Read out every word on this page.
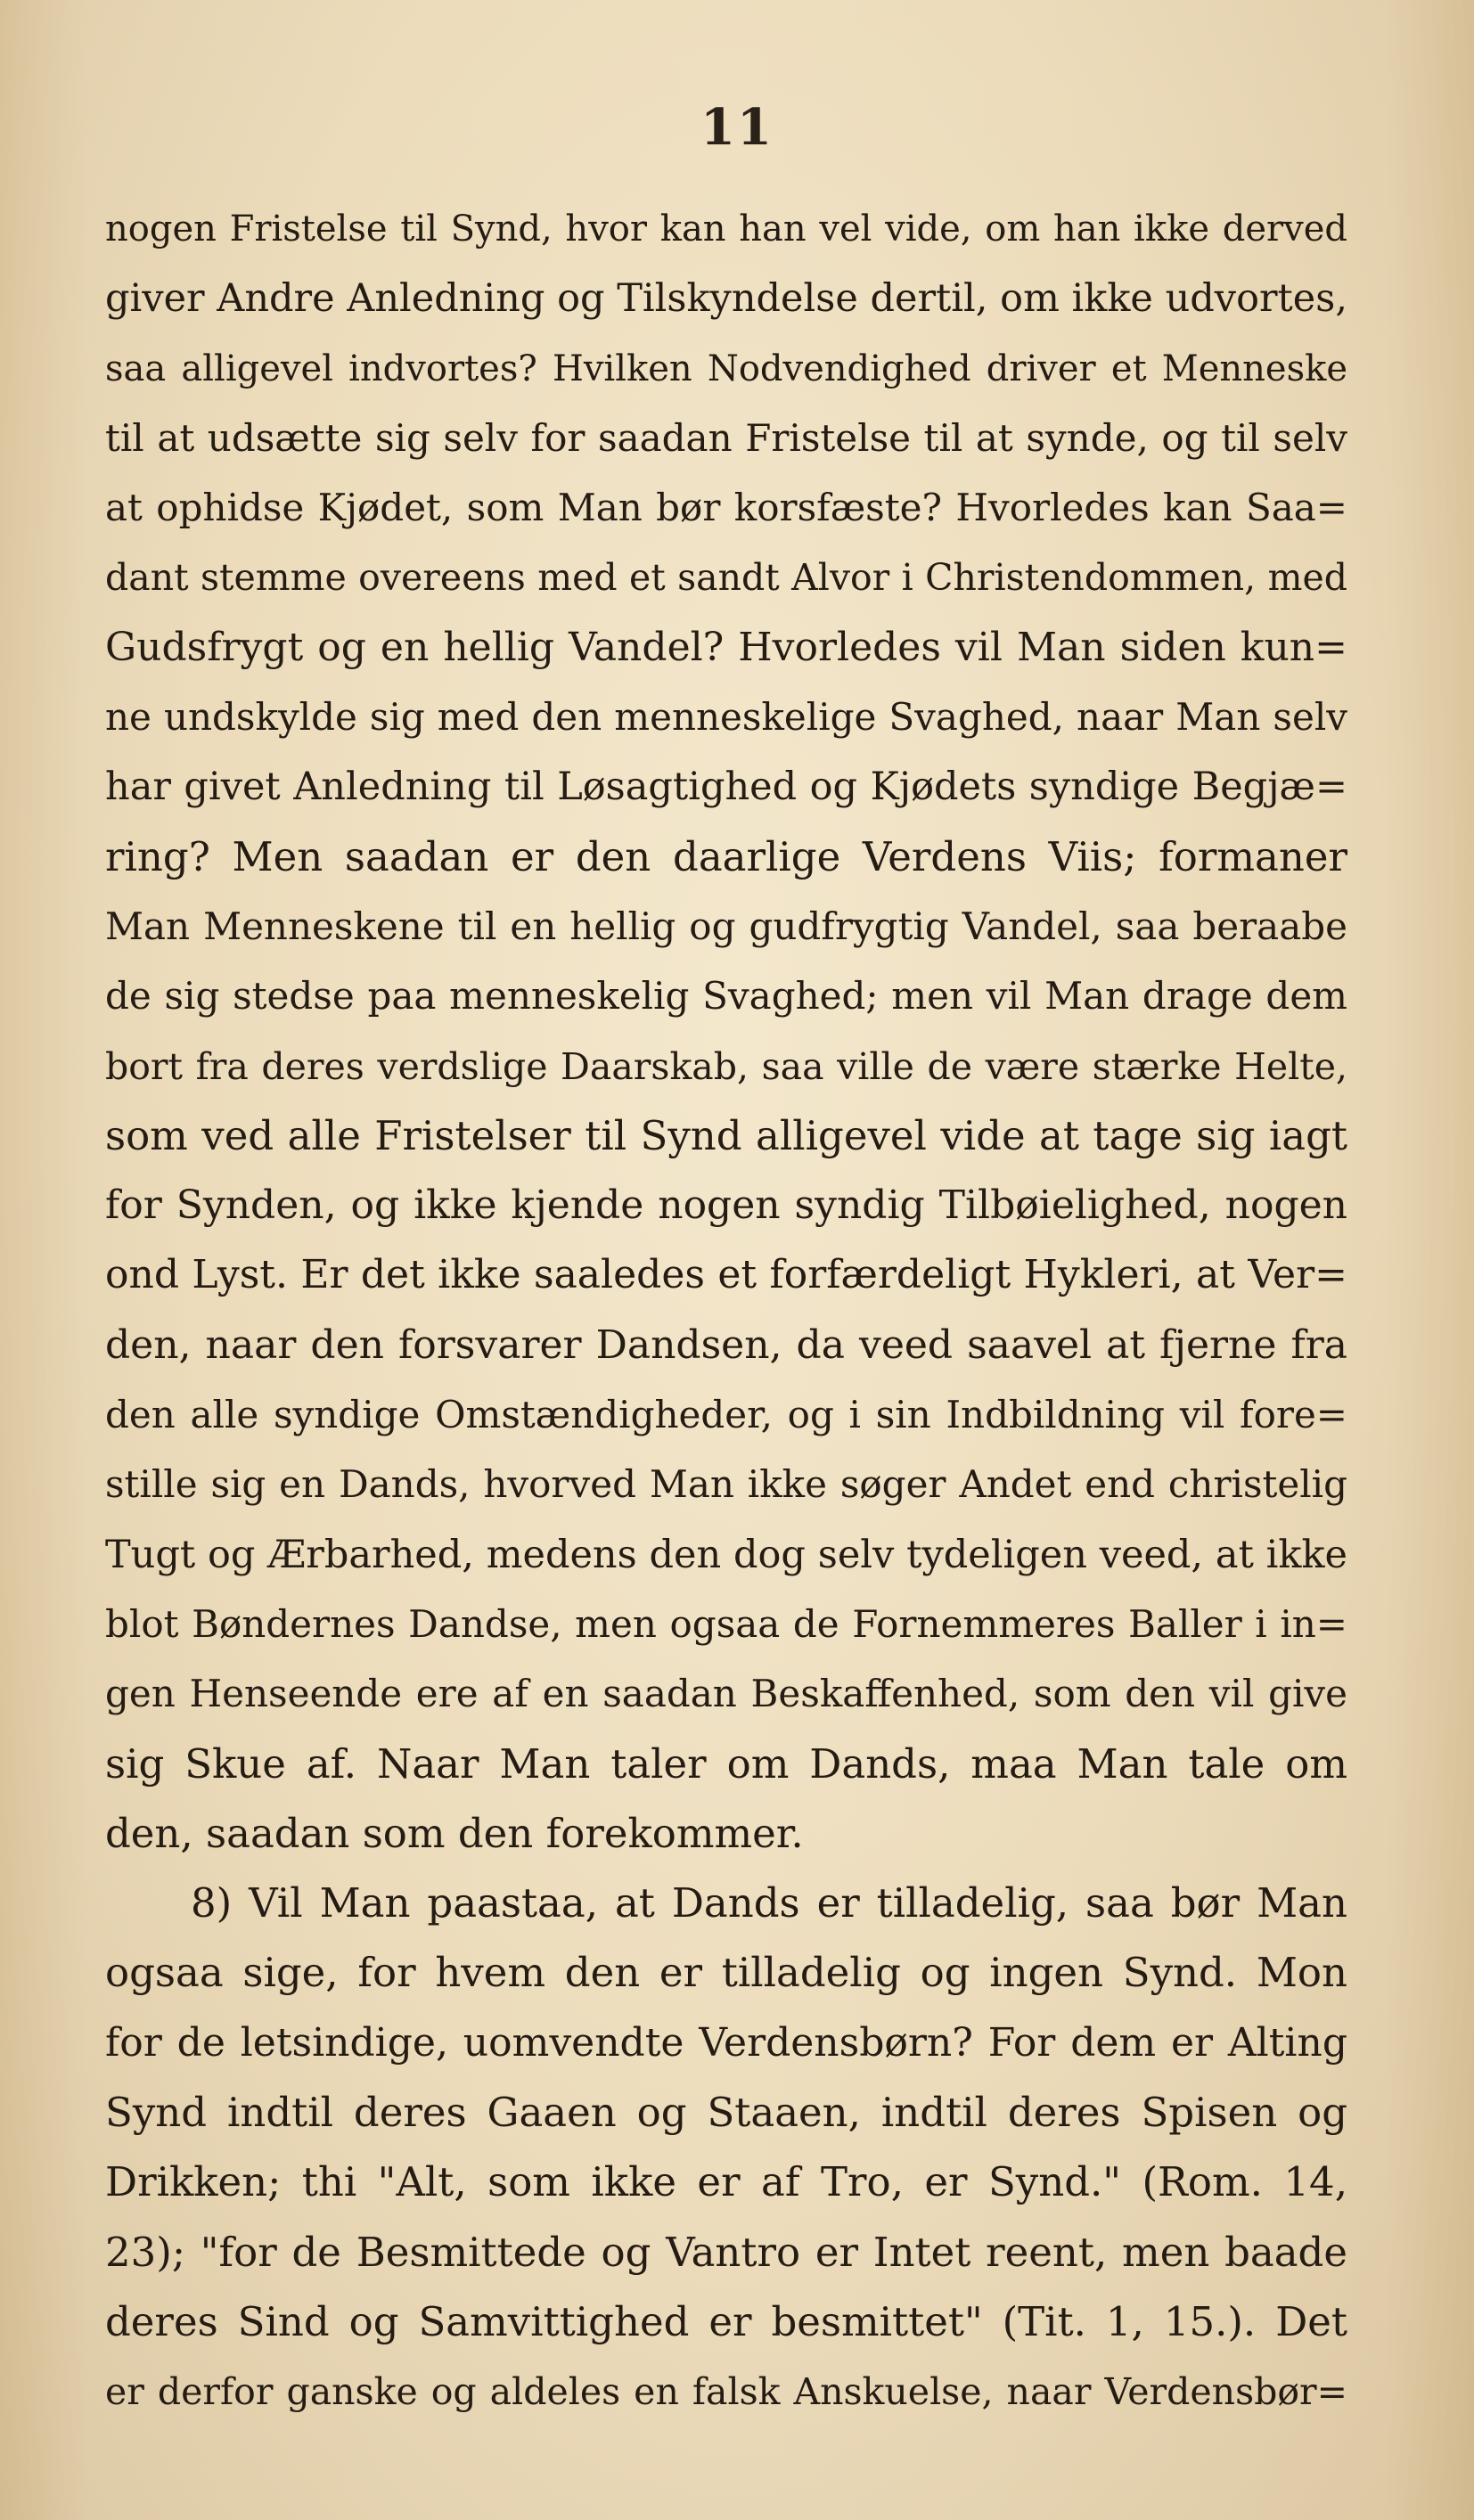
11
nogen Fristelse til Synd, hvor kan han vel vide, om han ikke derved
giver Andre Anledning og Tilskyndelse dertil, om ikke udvortes,
saa alligevel indvortes? Hvilken Nodvendighed driver et Menneske
til at udsætte sig selv for saadan Fristelse til at synde, og til selv
at ophidse Kjødet, som Man bør korsfæste? Hvorledes kan Saa=
dant stemme overeens med et sandt Alvor i Christendommen, med
Gudsfrygt og en hellig Vandel? Hvorledes vil Man siden kun=
ne undskylde sig med den menneskelige Svaghed, naar Man selv
har givet Anledning til Løsagtighed og Kjødets syndige Begjæ=
ring? Men saadan er den daarlige Verdens Viis; formaner
Man Menneskene til en hellig og gudfrygtig Vandel, saa beraabe
de sig stedse paa menneskelig Svaghed; men vil Man drage dem
bort fra deres verdslige Daarskab, saa ville de være stærke Helte,
som ved alle Fristelser til Synd alligevel vide at tage sig iagt
for Synden, og ikke kjende nogen syndig Tilbøielighed, nogen
ond Lyst. Er det ikke saaledes et forfærdeligt Hykleri, at Ver=
den, naar den forsvarer Dandsen, da veed saavel at fjerne fra
den alle syndige Omstændigheder, og i sin Indbildning vil fore=
stille sig en Dands, hvorved Man ikke søger Andet end christelig
Tugt og Ærbarhed, medens den dog selv tydeligen veed, at ikke
blot Bøndernes Dandse, men ogsaa de Fornemmeres Baller i in=
gen Henseende ere af en saadan Beskaffenhed, som den vil give
sig Skue af. Naar Man taler om Dands, maa Man tale om
den, saadan som den forekommer.
8) Vil Man paastaa, at Dands er tilladelig, saa bør Man
ogsaa sige, for hvem den er tilladelig og ingen Synd. Mon
for de letsindige, uomvendte Verdensbørn? For dem er Alting
Synd indtil deres Gaaen og Staaen, indtil deres Spisen og
Drikken; thi "Alt, som ikke er af Tro, er Synd." (Rom. 14,
23); "for de Besmittede og Vantro er Intet reent, men baade
deres Sind og Samvittighed er besmittet" (Tit. 1, 15.). Det
er derfor ganske og aldeles en falsk Anskuelse, naar Verdensbør=
